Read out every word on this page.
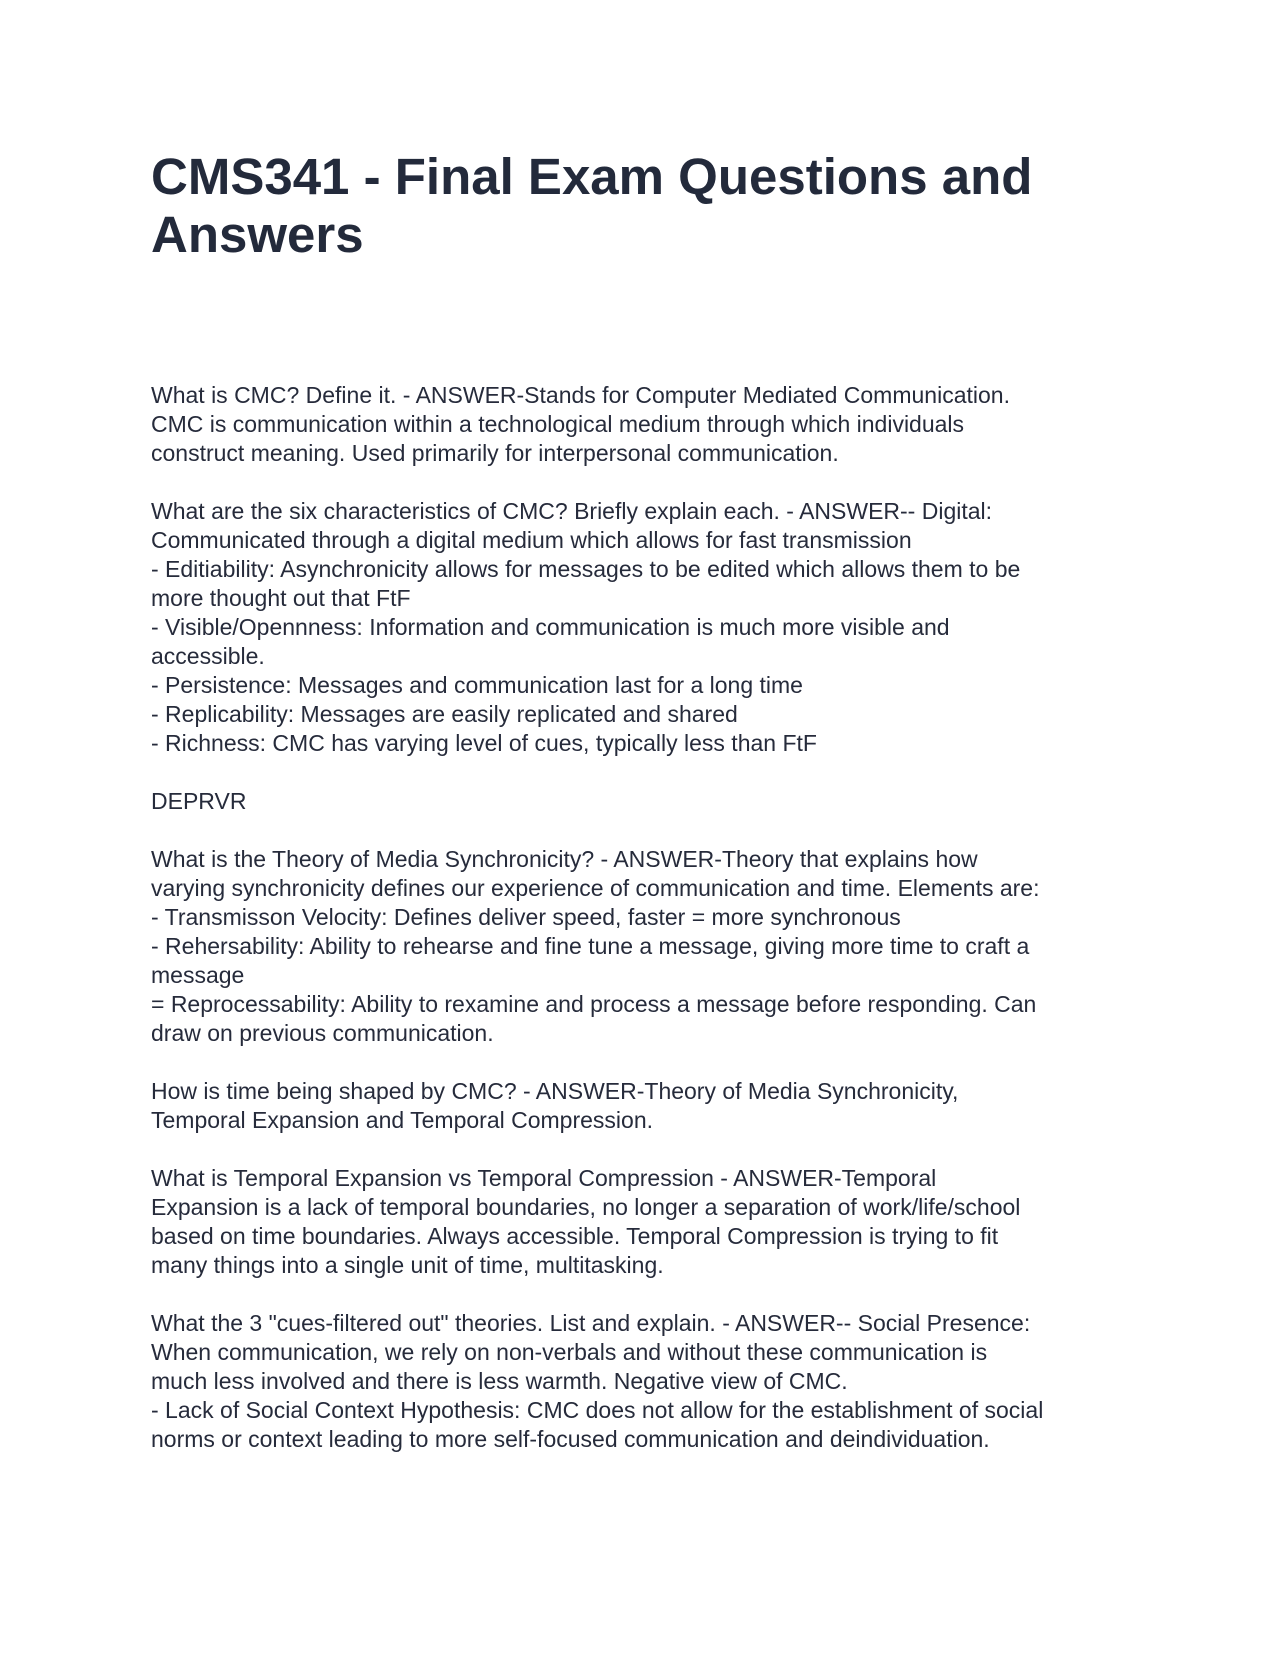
CMS341 - Final Exam Questions and
Answers
What is CMC? Define it. - ANSWER-Stands for Computer Mediated Communication.
CMC is communication within a technological medium through which individuals
construct meaning. Used primarily for interpersonal communication.
What are the six characteristics of CMC? Briefly explain each. - ANSWER-- Digital:
Communicated through a digital medium which allows for fast transmission
- Editiability: Asynchronicity allows for messages to be edited which allows them to be
more thought out that FtF
- Visible/Opennness: Information and communication is much more visible and
accessible.
- Persistence: Messages and communication last for a long time
- Replicability: Messages are easily replicated and shared
- Richness: CMC has varying level of cues, typically less than FtF
DEPRVR
What is the Theory of Media Synchronicity? - ANSWER-Theory that explains how
varying synchronicity defines our experience of communication and time. Elements are:
- Transmisson Velocity: Defines deliver speed, faster = more synchronous
- Rehersability: Ability to rehearse and fine tune a message, giving more time to craft a
message
= Reprocessability: Ability to rexamine and process a message before responding. Can
draw on previous communication.
How is time being shaped by CMC? - ANSWER-Theory of Media Synchronicity,
Temporal Expansion and Temporal Compression.
What is Temporal Expansion vs Temporal Compression - ANSWER-Temporal
Expansion is a lack of temporal boundaries, no longer a separation of work/life/school
based on time boundaries. Always accessible. Temporal Compression is trying to fit
many things into a single unit of time, multitasking.
What the 3 "cues-filtered out" theories. List and explain. - ANSWER-- Social Presence:
When communication, we rely on non-verbals and without these communication is
much less involved and there is less warmth. Negative view of CMC.
- Lack of Social Context Hypothesis: CMC does not allow for the establishment of social
norms or context leading to more self-focused communication and deindividuation.
